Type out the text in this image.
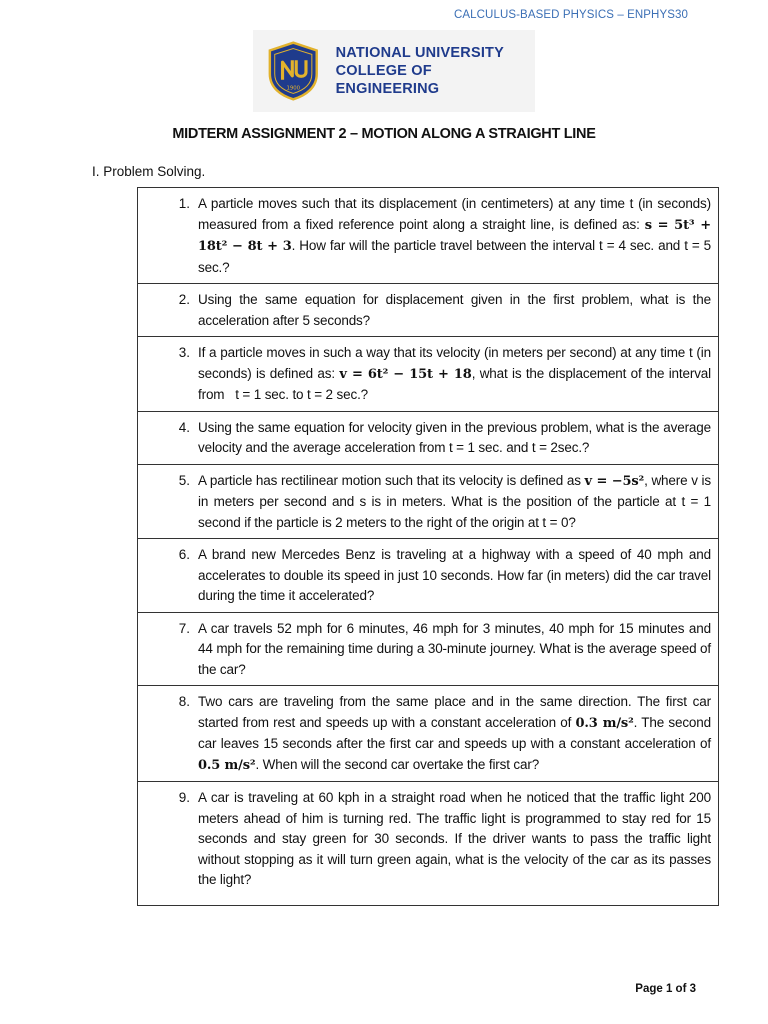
CALCULUS-BASED PHYSICS – ENPHYS30
1900
NATIONAL UNIVERSITY
COLLEGE OF ENGINEERING
MIDTERM ASSIGNMENT 2 – MOTION ALONG A STRAIGHT LINE
I. Problem Solving.
1. A particle moves such that its displacement (in centimeters) at any time t (in seconds) measured from a fixed reference point along a straight line, is defined as: s = 5t³ + 18t² − 8t + 3. How far will the particle travel between the interval t = 4 sec. and t = 5 sec.?

2. Using the same equation for displacement given in the first problem, what is the acceleration after 5 seconds?

3. If a particle moves in such a way that its velocity (in meters per second) at any time t (in seconds) is defined as: v = 6t² − 15t + 18, what is the displacement of the interval from   t = 1 sec. to t = 2 sec.?

4. Using the same equation for velocity given in the previous problem, what is the average velocity and the average acceleration from t = 1 sec. and t = 2sec.?

5. A particle has rectilinear motion such that its velocity is defined as v = −5s², where v is in meters per second and s is in meters. What is the position of the particle at t = 1 second if the particle is 2 meters to the right of the origin at t = 0?

6. A brand new Mercedes Benz is traveling at a highway with a speed of 40 mph and accelerates to double its speed in just 10 seconds. How far (in meters) did the car travel during the time it accelerated?

7. A car travels 52 mph for 6 minutes, 46 mph for 3 minutes, 40 mph for 15 minutes and 44 mph for the remaining time during a 30-minute journey. What is the average speed of the car?

8. Two cars are traveling from the same place and in the same direction. The first car started from rest and speeds up with a constant acceleration of 0.3 m/s². The second car leaves 15 seconds after the first car and speeds up with a constant acceleration of 0.5 m/s². When will the second car overtake the first car?

9. A car is traveling at 60 kph in a straight road when he noticed that the traffic light 200 meters ahead of him is turning red. The traffic light is programmed to stay red for 15 seconds and stay green for 30 seconds. If the driver wants to pass the traffic light without stopping as it will turn green again, what is the velocity of the car as its passes the light?
Page 1 of 3
